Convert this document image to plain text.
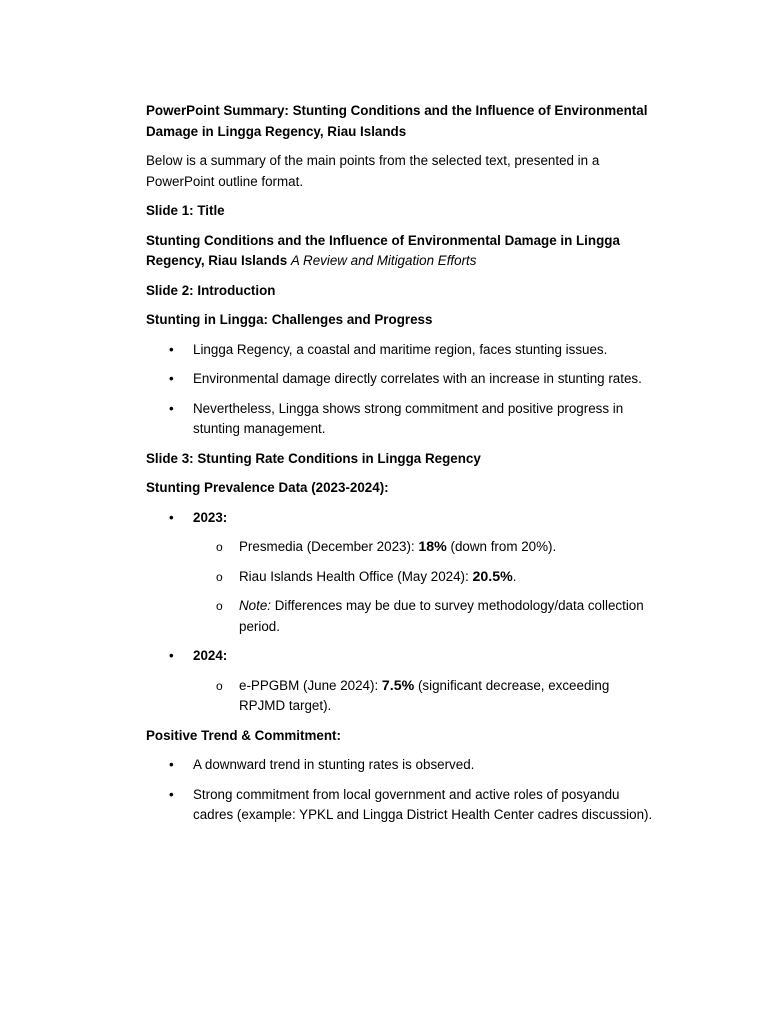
PowerPoint Summary: Stunting Conditions and the Influence of Environmental Damage in Lingga Regency, Riau Islands

Below is a summary of the main points from the selected text, presented in a PowerPoint outline format.

Slide 1: Title

Stunting Conditions and the Influence of Environmental Damage in Lingga Regency, Riau Islands A Review and Mitigation Efforts

Slide 2: Introduction

Stunting in Lingga: Challenges and Progress

• Lingga Regency, a coastal and maritime region, faces stunting issues.
• Environmental damage directly correlates with an increase in stunting rates.
• Nevertheless, Lingga shows strong commitment and positive progress in stunting management.

Slide 3: Stunting Rate Conditions in Lingga Regency

Stunting Prevalence Data (2023-2024):

• 2023:
o Presmedia (December 2023): 18% (down from 20%).
o Riau Islands Health Office (May 2024): 20.5%.
o Note: Differences may be due to survey methodology/data collection period.
• 2024:
o e-PPGBM (June 2024): 7.5% (significant decrease, exceeding RPJMD target).

Positive Trend & Commitment:

• A downward trend in stunting rates is observed.
• Strong commitment from local government and active roles of posyandu cadres (example: YPKL and Lingga District Health Center cadres discussion).
